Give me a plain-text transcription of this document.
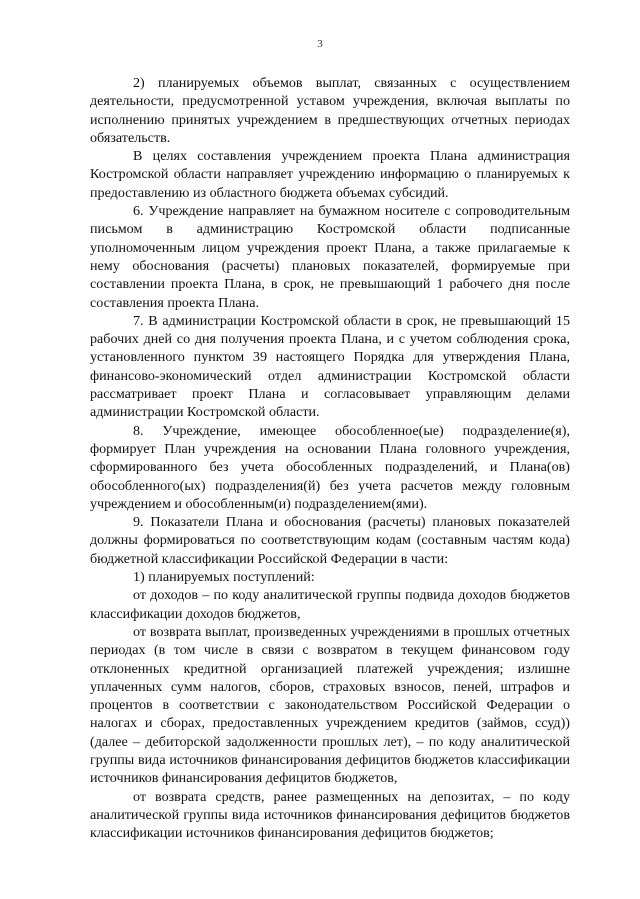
3

2) планируемых объемов выплат, связанных с осуществлением деятельности, предусмотренной уставом учреждения, включая выплаты по исполнению принятых учреждением в предшествующих отчетных периодах обязательств.

В целях составления учреждением проекта Плана администрация Костромской области направляет учреждению информацию о планируемых к предоставлению из областного бюджета объемах субсидий.

6. Учреждение направляет на бумажном носителе с сопроводительным письмом в администрацию Костромской области подписанные уполномоченным лицом учреждения проект Плана, а также прилагаемые к нему обоснования (расчеты) плановых показателей, формируемые при составлении проекта Плана, в срок, не превышающий 1 рабочего дня после составления проекта Плана.

7. В администрации Костромской области в срок, не превышающий 15 рабочих дней со дня получения проекта Плана, и с учетом соблюдения срока, установленного пунктом 39 настоящего Порядка для утверждения Плана, финансово-экономический отдел администрации Костромской области рассматривает проект Плана и согласовывает управляющим делами администрации Костромской области.

8. Учреждение, имеющее обособленное(ые) подразделение(я), формирует План учреждения на основании Плана головного учреждения, сформированного без учета обособленных подразделений, и Плана(ов) обособленного(ых) подразделения(й) без учета расчетов между головным учреждением и обособленным(и) подразделением(ями).

9. Показатели Плана и обоснования (расчеты) плановых показателей должны формироваться по соответствующим кодам (составным частям кода) бюджетной классификации Российской Федерации в части:

1) планируемых поступлений:

от доходов – по коду аналитической группы подвида доходов бюджетов классификации доходов бюджетов,

от возврата выплат, произведенных учреждениями в прошлых отчетных периодах (в том числе в связи с возвратом в текущем финансовом году отклоненных кредитной организацией платежей учреждения; излишне уплаченных сумм налогов, сборов, страховых взносов, пеней, штрафов и процентов в соответствии с законодательством Российской Федерации о налогах и сборах, предоставленных учреждением кредитов (займов, ссуд)) (далее – дебиторской задолженности прошлых лет), – по коду аналитической группы вида источников финансирования дефицитов бюджетов классификации источников финансирования дефицитов бюджетов,

от возврата средств, ранее размещенных на депозитах, – по коду аналитической группы вида источников финансирования дефицитов бюджетов классификации источников финансирования дефицитов бюджетов;
